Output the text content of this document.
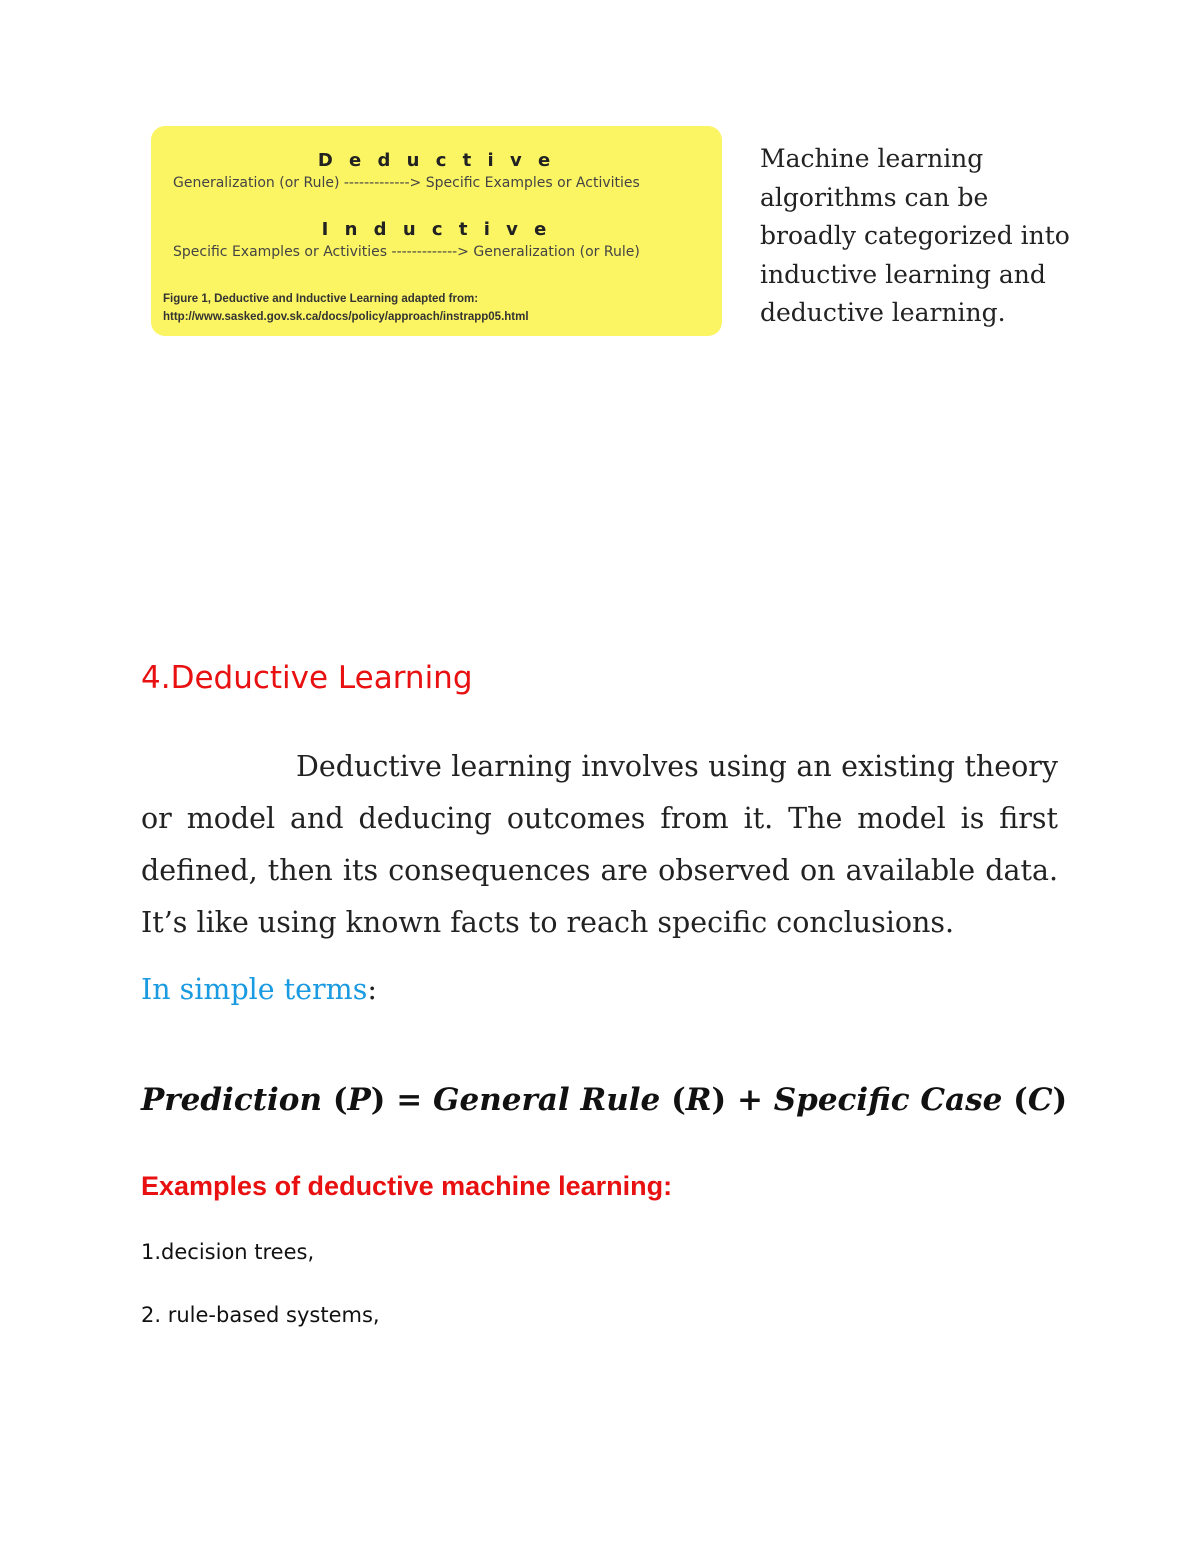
D e d u c t i v e
Generalization (or Rule) -------------> Specific Examples or Activities
I n d u c t i v e
Specific Examples or Activities -------------> Generalization (or Rule)
Figure 1, Deductive and Inductive Learning adapted from:
http://www.sasked.gov.sk.ca/docs/policy/approach/instrapp05.html
Machine learning algorithms can be broadly categorized into inductive learning and deductive learning.
4.Deductive Learning

Deductive learning involves using an existing theory or model and deducing outcomes from it. The model is first defined, then its consequences are observed on available data. It’s like using known facts to reach specific conclusions.

In simple terms:
Prediction (P) = General Rule (R) + Specific Case (C)
Examples of deductive machine learning:
1.decision trees,
2. rule-based systems,
